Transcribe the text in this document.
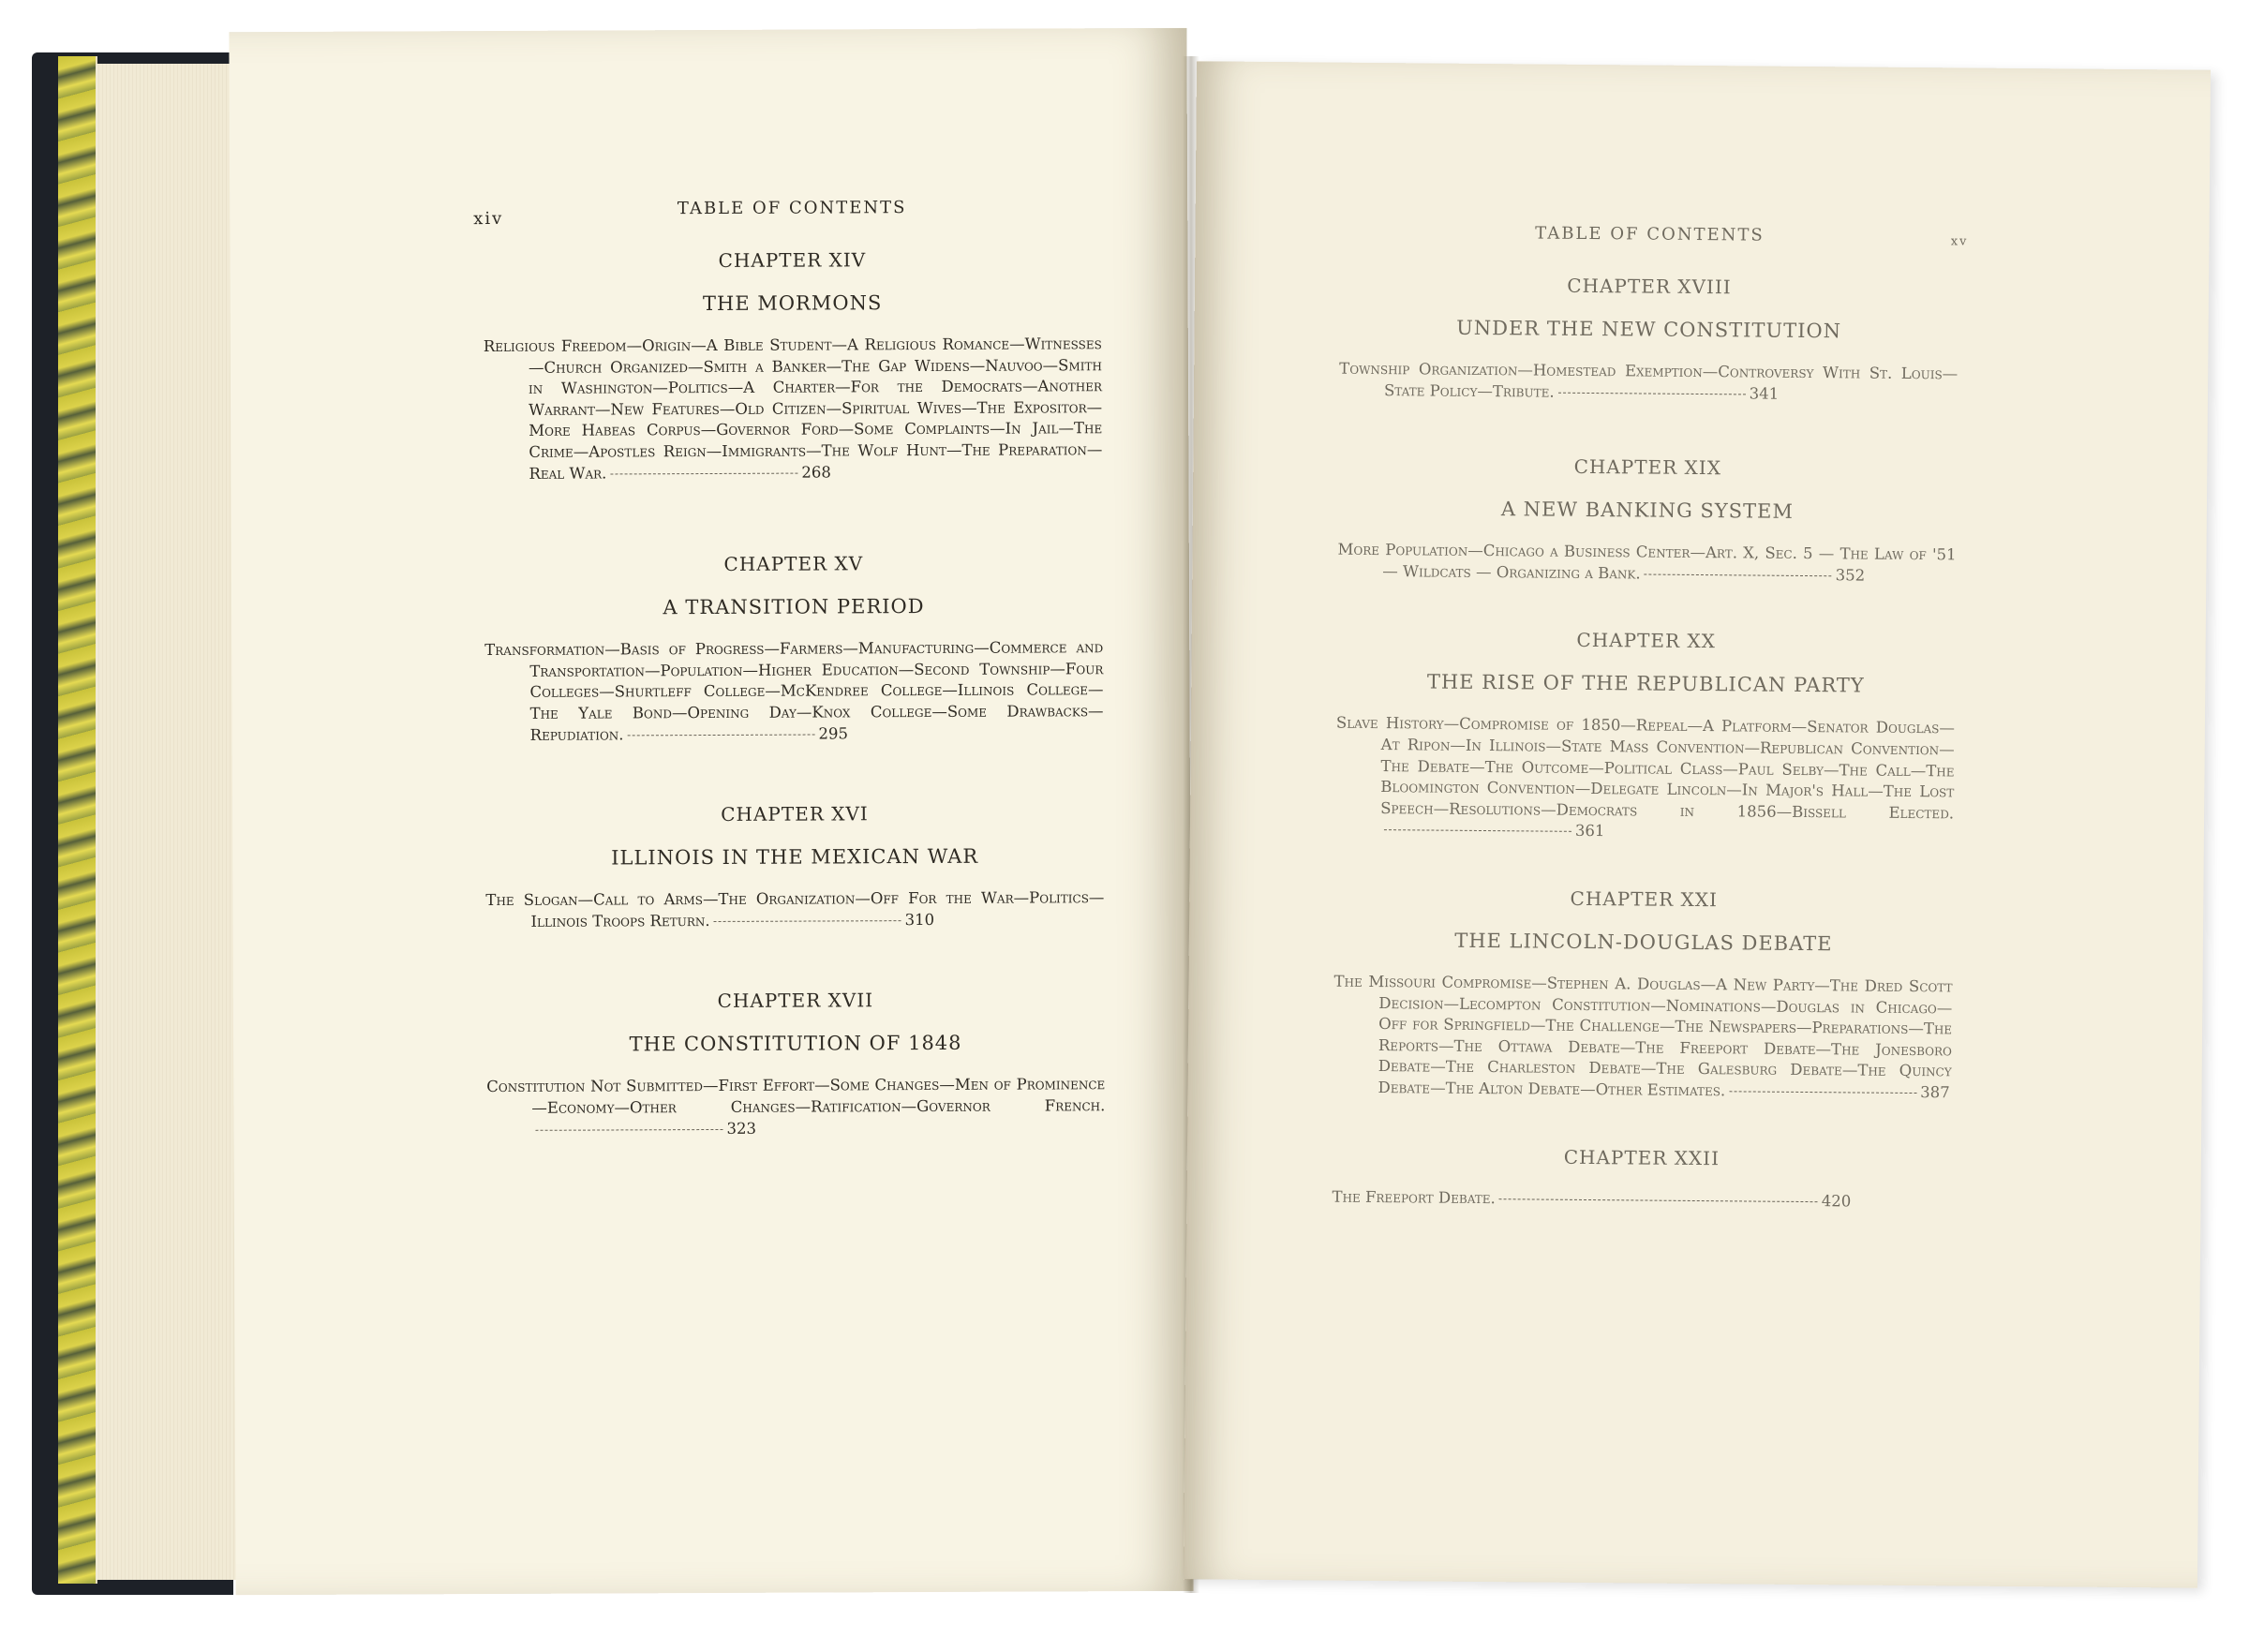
xiv
TABLE OF CONTENTS
CHAPTER XIV
THE MORMONS

Religious Freedom—Origin—A Bible Student—A Religious Romance—Witnesses—Church Organized—Smith a Banker—The Gap Widens—Nauvoo—Smith in Washington—Politics—A Charter—For the Democrats—Another Warrant—New Features—Old Citizen—Spiritual Wives—The Expositor—More Habeas Corpus—Governor Ford—Some Complaints—In Jail—The Crime—Apostles Reign—Immigrants—The Wolf Hunt—The Preparation—Real War.	268

CHAPTER XV
A TRANSITION PERIOD

Transformation—Basis of Progress—Farmers—Manufacturing—Commerce and Transportation—Population—Higher Education—Second Township—Four Colleges—Shurtleff College—McKendree College—Illinois College—The Yale Bond—Opening Day—Knox College—Some Drawbacks—Repudiation.	295

CHAPTER XVI
ILLINOIS IN THE MEXICAN WAR

The Slogan—Call to Arms—The Organization—Off For the War—Politics—Illinois Troops Return.	310

CHAPTER XVII
THE CONSTITUTION OF 1848

Constitution Not Submitted—First Effort—Some Changes—Men of Prominence—Economy—Other Changes—Ratification—Governor French.323

TABLE OF CONTENTS	xv
CHAPTER XVIII
UNDER THE NEW CONSTITUTION

Township Organization—Homestead Exemption—Controversy With St. Louis—State Policy—Tribute.	341

CHAPTER XIX
A NEW BANKING SYSTEM

More Population—Chicago a Business Center—Art. X, Sec. 5 — The Law of '51 — Wildcats — Organizing a Bank.	352

CHAPTER XX
THE RISE OF THE REPUBLICAN PARTY

Slave History—Compromise of 1850—Repeal—A Platform—Senator Douglas—At Ripon—In Illinois—State Mass Convention—Republican Convention—The Debate—The Outcome—Political Class—Paul Selby—The Call—The Bloomington Convention—Delegate Lincoln—In Major's Hall—The Lost Speech—Resolutions—Democrats in 1856—Bissell Elected.361

CHAPTER XXI
THE LINCOLN-DOUGLAS DEBATE

The Missouri Compromise—Stephen A. Douglas—A New Party—The Dred Scott Decision—Lecompton Constitution—Nominations—Douglas in Chicago—Off for Springfield—The Challenge—The Newspapers—Preparations—The Reports—The Ottawa Debate—The Freeport Debate—The Jonesboro Debate—The Charleston Debate—The Galesburg Debate—The Quincy Debate—The Alton Debate—Other Estimates.	387

CHAPTER XXII

The Freeport Debate.	420
